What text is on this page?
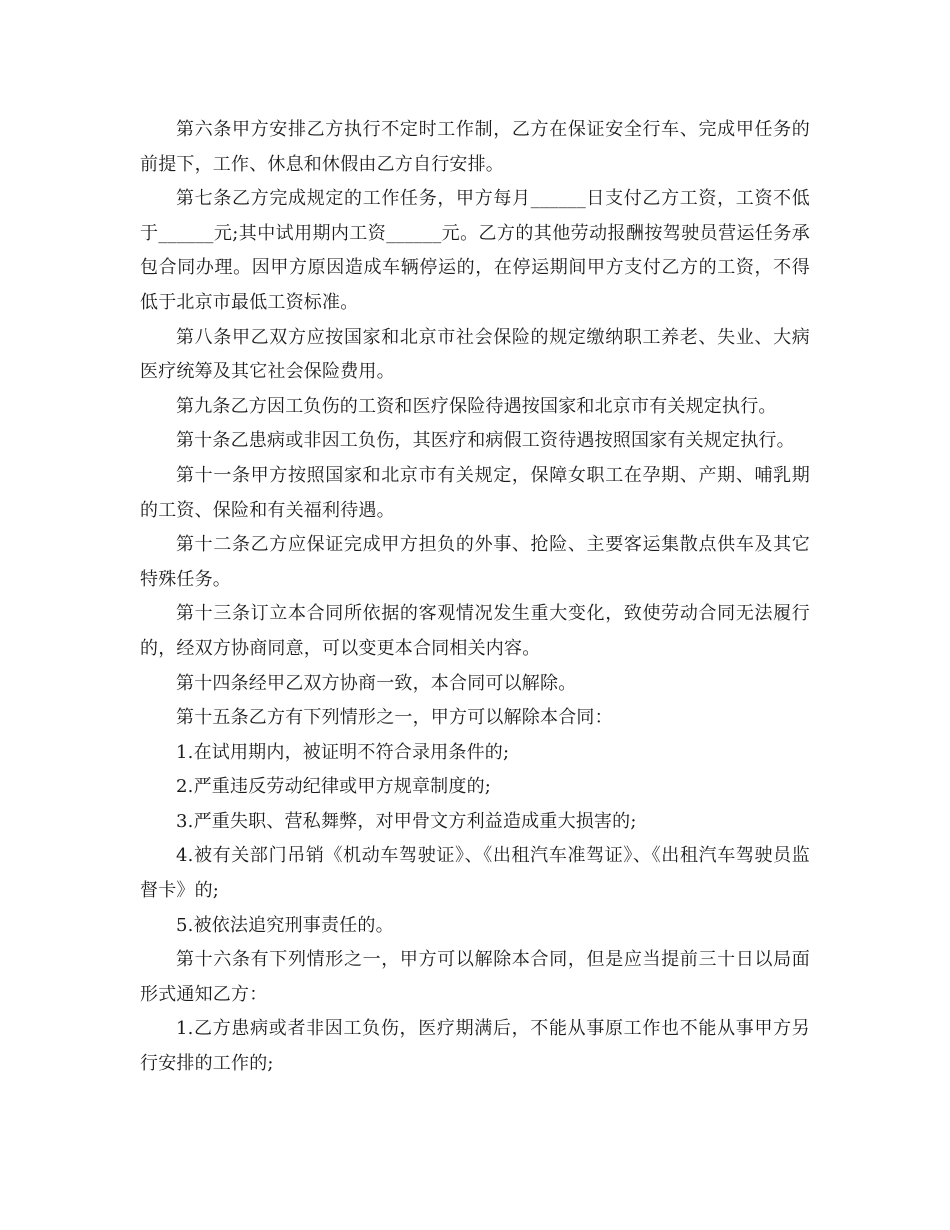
第六条甲方安排乙方执行不定时工作制，乙方在保证安全行车、完成甲任务的前提下，工作、休息和休假由乙方自行安排。

第七条乙方完成规定的工作任务，甲方每月______日支付乙方工资，工资不低于______元;其中试用期内工资______元。乙方的其他劳动报酬按驾驶员营运任务承包合同办理。因甲方原因造成车辆停运的，在停运期间甲方支付乙方的工资，不得低于北京市最低工资标准。

第八条甲乙双方应按国家和北京市社会保险的规定缴纳职工养老、失业、大病医疗统筹及其它社会保险费用。

第九条乙方因工负伤的工资和医疗保险待遇按国家和北京市有关规定执行。

第十条乙患病或非因工负伤，其医疗和病假工资待遇按照国家有关规定执行。

第十一条甲方按照国家和北京市有关规定，保障女职工在孕期、产期、哺乳期的工资、保险和有关福利待遇。

第十二条乙方应保证完成甲方担负的外事、抢险、主要客运集散点供车及其它特殊任务。

第十三条订立本合同所依据的客观情况发生重大变化，致使劳动合同无法履行的，经双方协商同意，可以变更本合同相关内容。

第十四条经甲乙双方协商一致，本合同可以解除。

第十五条乙方有下列情形之一，甲方可以解除本合同：

1.在试用期内，被证明不符合录用条件的;

2.严重违反劳动纪律或甲方规章制度的;

3.严重失职、营私舞弊，对甲骨文方利益造成重大损害的;

4.被有关部门吊销《机动车驾驶证》、《出租汽车准驾证》、《出租汽车驾驶员监督卡》的;

5.被依法追究刑事责任的。

第十六条有下列情形之一，甲方可以解除本合同，但是应当提前三十日以局面形式通知乙方：

1.乙方患病或者非因工负伤，医疗期满后，不能从事原工作也不能从事甲方另行安排的工作的;
